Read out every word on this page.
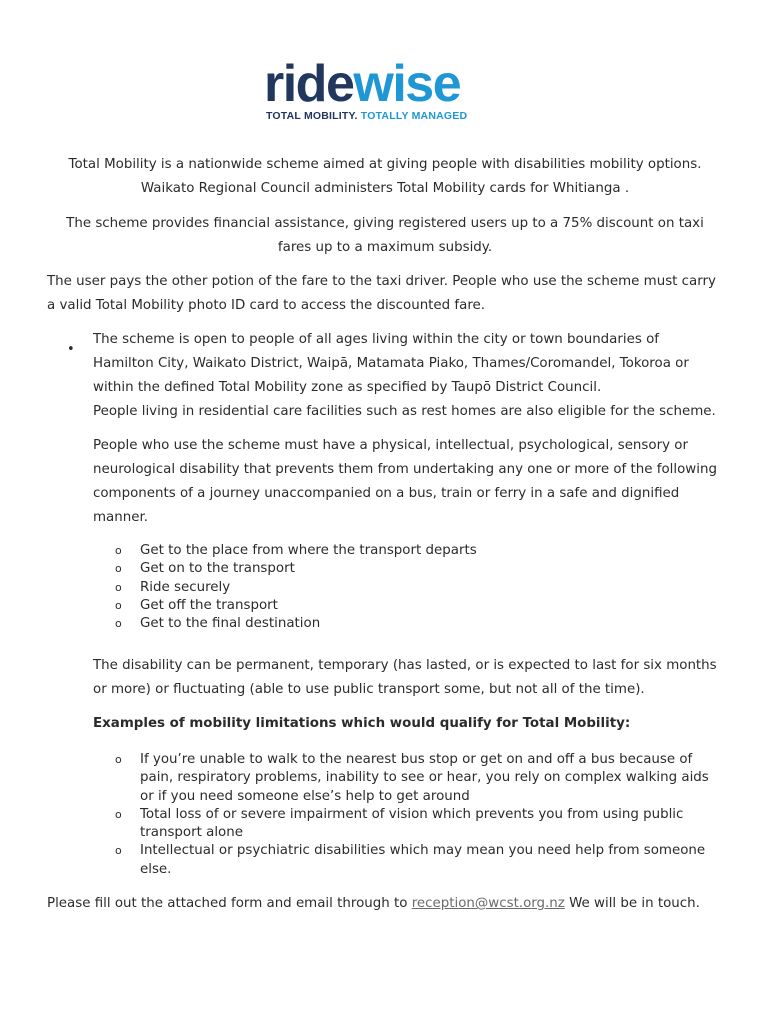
ridewise
TOTAL MOBILITY. TOTALLY MANAGED

Total Mobility is a nationwide scheme aimed at giving people with disabilities mobility options.

Waikato Regional Council administers Total Mobility cards for Whitianga .

The scheme provides financial assistance, giving registered users up to a 75% discount on taxi fares up to a maximum subsidy.

The user pays the other potion of the fare to the taxi driver. People who use the scheme must carry a valid Total Mobility photo ID card to access the discounted fare.

•

The scheme is open to people of all ages living within the city or town boundaries of Hamilton City, Waikato District, Waipā, Matamata Piako, Thames/Coromandel, Tokoroa or within the defined Total Mobility zone as specified by Taupō District Council.

People living in residential care facilities such as rest homes are also eligible for the scheme.

People who use the scheme must have a physical, intellectual, psychological, sensory or neurological disability that prevents them from undertaking any one or more of the following components of a journey unaccompanied on a bus, train or ferry in a safe and dignified manner.

o Get to the place from where the transport departs
o Get on to the transport
o Ride securely
o Get off the transport
o Get to the final destination

The disability can be permanent, temporary (has lasted, or is expected to last for six months or more) or fluctuating (able to use public transport some, but not all of the time).

Examples of mobility limitations which would qualify for Total Mobility:

o If you’re unable to walk to the nearest bus stop or get on and off a bus because of pain, respiratory problems, inability to see or hear, you rely on complex walking aids or if you need someone else’s help to get around
o Total loss of or severe impairment of vision which prevents you from using public transport alone
o Intellectual or psychiatric disabilities which may mean you need help from someone else.

Please fill out the attached form and email through to reception@wcst.org.nz We will be in touch.
